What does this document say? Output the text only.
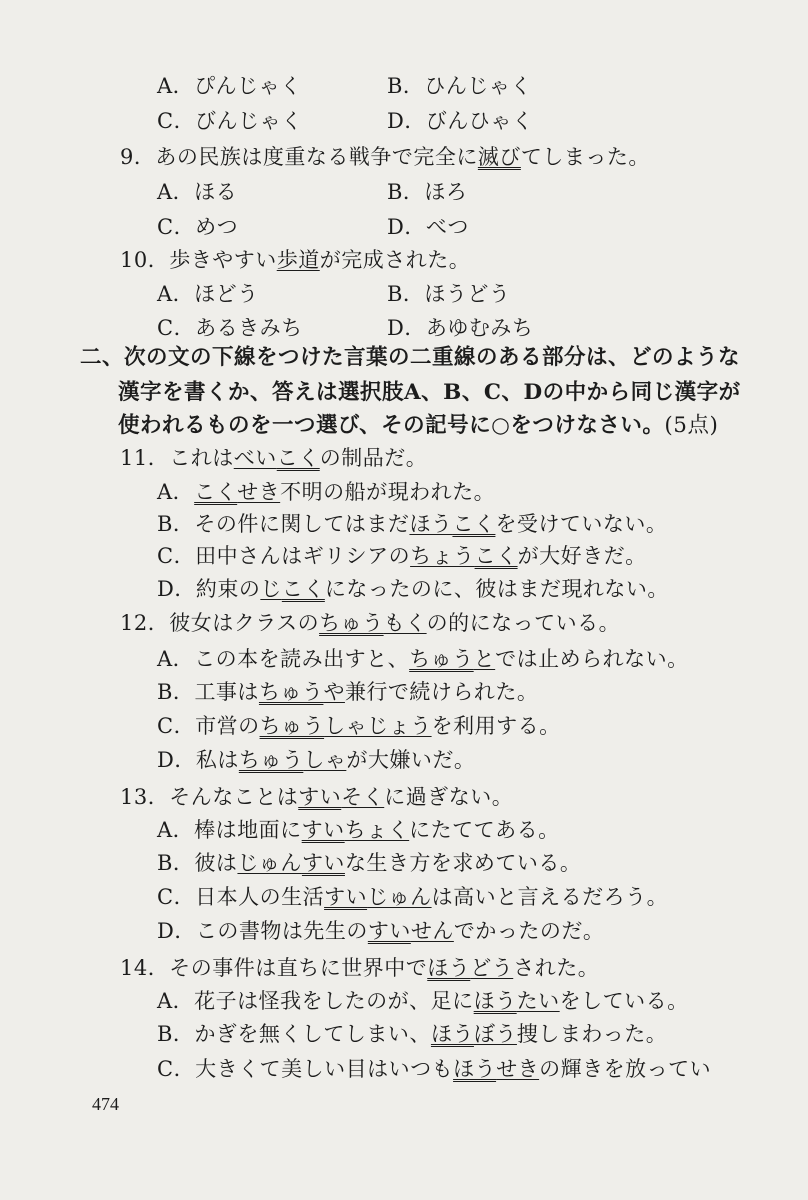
A．ぴんじゃく	B．ひんじゃく
C．びんじゃく	D．びんひゃく
9．あの民族は度重なる戦争で完全に滅びてしまった。
A．ほる	B．ほろ
C．めつ	D．べつ
10．歩きやすい歩道が完成された。
A．ほどう	B．ほうどう
C．あるきみち	D．あゆむみち
二、次の文の下線をつけた言葉の二重線のある部分は、どのような
漢字を書くか、答えは選択肢A、B、C、Dの中から同じ漢字が
使われるものを一つ選び、その記号に○をつけなさい。(5点)
11．これはべいこくの制品だ。
A．こくせき不明の船が現われた。
B．その件に関してはまだほうこくを受けていない。
C．田中さんはギリシアのちょうこくが大好きだ。
D．約束のじこくになったのに、彼はまだ現れない。
12．彼女はクラスのちゅうもくの的になっている。
A．この本を読み出すと、ちゅうとでは止められない。
B．工事はちゅうや兼行で続けられた。
C．市営のちゅうしゃじょうを利用する。
D．私はちゅうしゃが大嫌いだ。
13．そんなことはすいそくに過ぎない。
A．棒は地面にすいちょくにたててある。
B．彼はじゅんすいな生き方を求めている。
C．日本人の生活すいじゅんは高いと言えるだろう。
D．この書物は先生のすいせんでかったのだ。
14．その事件は直ちに世界中でほうどうされた。
A．花子は怪我をしたのが、足にほうたいをしている。
B．かぎを無くしてしまい、ほうぼう捜しまわった。
C．大きくて美しい目はいつもほうせきの輝きを放ってい
474
